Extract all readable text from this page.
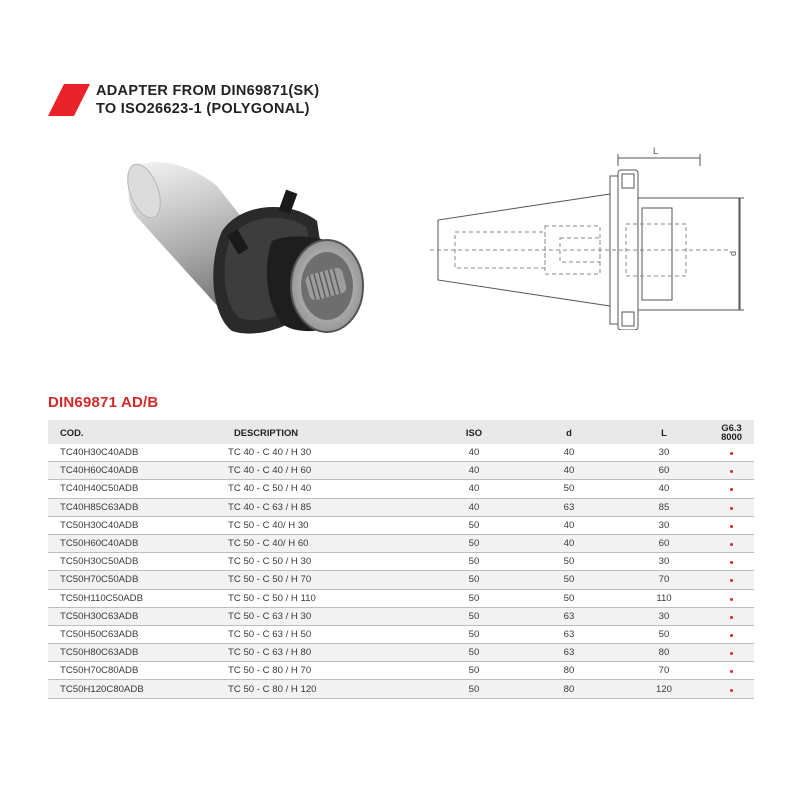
ADAPTER FROM DIN69871(SK)
TO ISO26623-1 (POLYGONAL)
L
d
DIN69871 AD/B
COD.	DESCRIPTION	ISO	d	L	G6.3
8000

TC40H30C40ADB	TC 40 - C 40 / H 30	40	40	30	
TC40H60C40ADB	TC 40 - C 40 / H 60	40	40	60	
TC40H40C50ADB	TC 40 - C 50 / H 40	40	50	40	
TC40H85C63ADB	TC 40 - C 63 / H 85	40	63	85	
TC50H30C40ADB	TC 50 - C 40/ H 30	50	40	30	
TC50H60C40ADB	TC 50 - C 40/ H 60	50	40	60	
TC50H30C50ADB	TC 50 - C 50 / H 30	50	50	30	
TC50H70C50ADB	TC 50 - C 50 / H 70	50	50	70	
TC50H110C50ADB	TC 50 - C 50 / H 110	50	50	110	
TC50H30C63ADB	TC 50 - C 63 / H 30	50	63	30	
TC50H50C63ADB	TC 50 - C 63 / H 50	50	63	50	
TC50H80C63ADB	TC 50 - C 63 / H 80	50	63	80	
TC50H70C80ADB	TC 50 - C 80 / H 70	50	80	70	
TC50H120C80ADB	TC 50 - C 80 / H 120	50	80	120	
